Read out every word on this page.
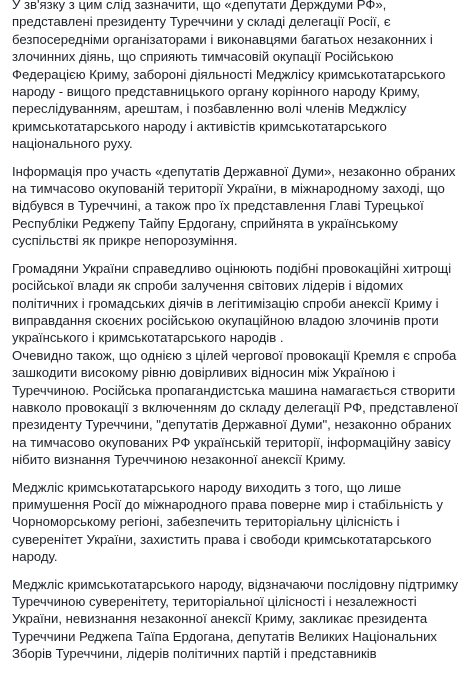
У зв'язку з цим слід зазначити, що «депутати Держдуми РФ»,
представлені президенту Туреччини у складі делегації Росії, є
безпосередніми організаторами і виконавцями багатьох незаконних і
злочинних діянь, що сприяють тимчасовій окупації Російською
Федерацією Криму, забороні діяльності Меджлісу кримськотатарського
народу - вищого представницького органу корінного народу Криму,
переслідуванням, арештам, і позбавленню волі членів Меджлісу
кримськотатарського народу і активістів кримськотатарського
національного руху.

Інформація про участь «депутатів Державної Думи», незаконно обраних
на тимчасово окупованій території України, в міжнародному заході, що
відбувся в Туреччині, а також про їх представлення Главі Турецької
Республіки Реджепу Тайпу Ердогану, сприйнята в українському
суспільстві як прикре непорозуміння.

Громадяни України справедливо оцінюють подібні провокаційні хитрощі
російської влади як спроби залучення світових лідерів і відомих
політичних і громадських діячів в легітимізацію спроби анексії Криму і
виправдання скоєних російською окупаційною владою злочинів проти
українського і кримськотатарського народів .
Очевидно також, що однією з цілей чергової провокації Кремля є спроба
зашкодити високому рівню довірливих відносин між Україною і
Туреччиною. Російська пропагандистська машина намагається створити
навколо провокації з включенням до складу делегації РФ, представленої
президенту Туреччини, "депутатів Державної Думи", незаконно обраних
на тимчасово окупованих РФ українській території, інформаційну завісу
нібито визнання Туреччиною незаконної анексії Криму.

Меджліс кримськотатарського народу виходить з того, що лише
примушення Росії до міжнародного права поверне мир і стабільність у
Чорноморському регіоні, забезпечить територіальну цілісність і
суверенітет України, захистить права і свободи кримськотатарського
народу.

Меджліс кримськотатарського народу, відзначаючи послідовну підтримку
Туреччиною суверенітету, територіальної цілісності і незалежності
України, невизнання незаконної анексії Криму, закликає президента
Туреччини Реджепа Таїпа Ердогана, депутатів Великих Національних
Зборів Туреччини, лідерів політичних партій і представників
